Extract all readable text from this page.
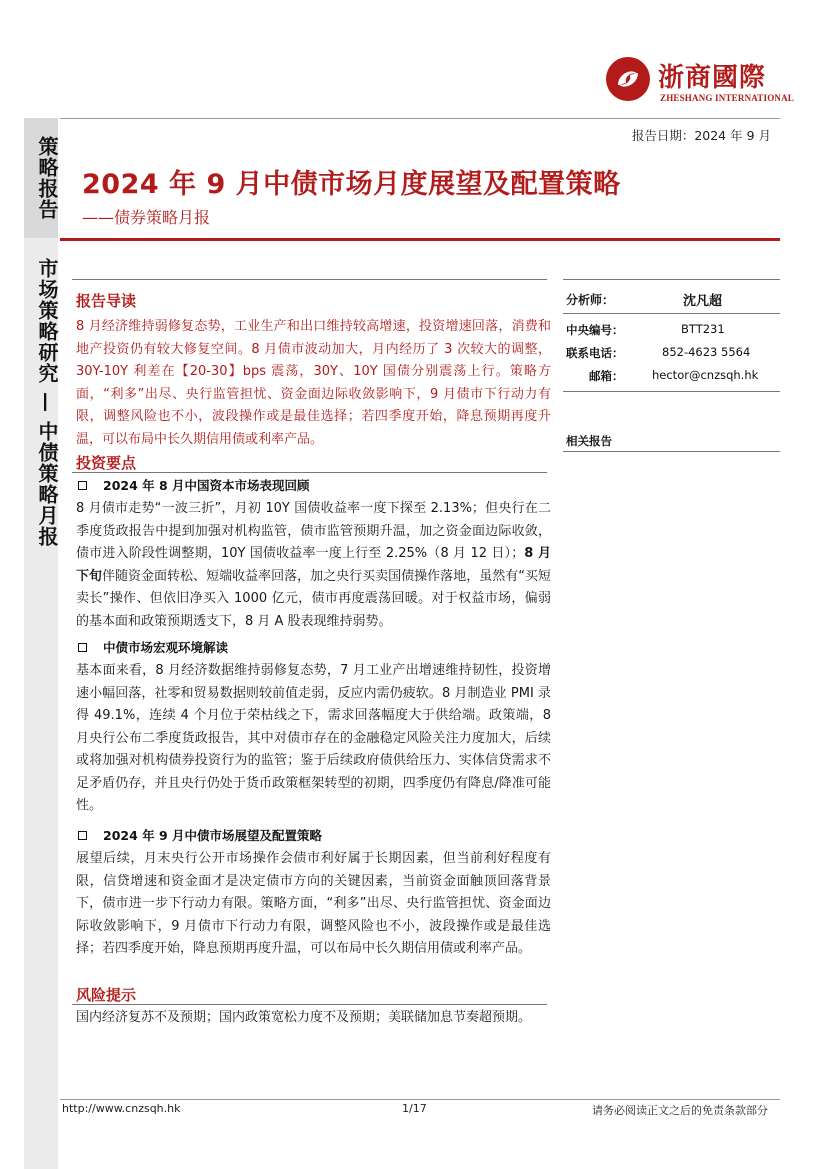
策略报告
市场策略研究 — 中债策略月报
浙商國際
ZHESHANG INTERNATIONAL
报告日期：2024 年 9 月
2024 年 9 月中债市场月度展望及配置策略
——债券策略月报
报告导读
8 月经济维持弱修复态势，工业生产和出口维持较高增速，投资增速回落，消费和地产投资仍有较大修复空间。8 月债市波动加大，月内经历了 3 次较大的调整，30Y-10Y 利差在【20-30】bps 震荡，30Y、10Y 国债分别震荡上行。策略方面，“利多”出尽、央行监管担忧、资金面边际收敛影响下，9 月债市下行动力有限，调整风险也不小，波段操作或是最佳选择；若四季度开始，降息预期再度升温，可以布局中长久期信用债或利率产品。
投资要点
2024 年 8 月中国资本市场表现回顾
8 月债市走势“一波三折”，月初 10Y 国债收益率一度下探至 2.13%；但央行在二季度货政报告中提到加强对机构监管，债市监管预期升温，加之资金面边际收敛，债市进入阶段性调整期，10Y 国债收益率一度上行至 2.25%（8 月 12 日）；8 月下旬伴随资金面转松、短端收益率回落，加之央行买卖国债操作落地，虽然有“买短卖长”操作、但依旧净买入 1000 亿元，债市再度震荡回暖。对于权益市场，偏弱的基本面和政策预期透支下，8 月 A 股表现维持弱势。
中债市场宏观环境解读
基本面来看，8 月经济数据维持弱修复态势，7 月工业产出增速维持韧性，投资增速小幅回落，社零和贸易数据则较前值走弱，反应内需仍疲软。8 月制造业 PMI 录得 49.1%，连续 4 个月位于荣枯线之下，需求回落幅度大于供给端。政策端，8 月央行公布二季度货政报告，其中对债市存在的金融稳定风险关注力度加大，后续或将加强对机构债券投资行为的监管；鉴于后续政府债供给压力、实体信贷需求不足矛盾仍存，并且央行仍处于货币政策框架转型的初期，四季度仍有降息/降准可能性。
2024 年 9 月中债市场展望及配置策略
展望后续，月末央行公开市场操作会债市利好属于长期因素，但当前利好程度有限，信贷增速和资金面才是决定债市方向的关键因素，当前资金面触顶回落背景下，债市进一步下行动力有限。策略方面，“利多”出尽、央行监管担忧、资金面边际收敛影响下，9 月债市下行动力有限，调整风险也不小，波段操作或是最佳选择；若四季度开始，降息预期再度升温，可以布局中长久期信用债或利率产品。
风险提示
国内经济复苏不及预期；国内政策宽松力度不及预期；美联储加息节奏超预期。
分析师：	沈凡超
中央编号：	BTT231
联系电话：	852-4623 5564
邮箱： hector@cnzsqh.hk
相关报告
http://www.cnzsqh.hk	1/17	请务必阅读正文之后的免责条款部分
